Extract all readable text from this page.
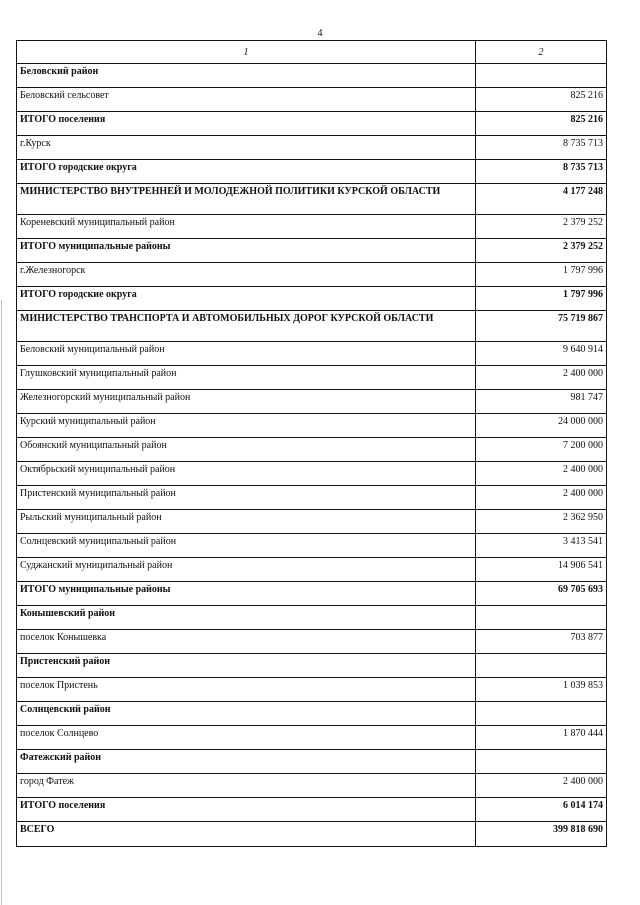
4
1	2
Беловский район	
Беловский сельсовет	825 216
ИТОГО поселения	825 216
г.Курск	8 735 713
ИТОГО городские округа	8 735 713
МИНИСТЕРСТВО ВНУТРЕННЕЙ И МОЛОДЕЖНОЙ ПОЛИТИКИ КУРСКОЙ ОБЛАСТИ	4 177 248
Кореневский муниципальный район	2 379 252
ИТОГО муниципальные районы	2 379 252
г.Железногорск	1 797 996
ИТОГО городские округа	1 797 996
МИНИСТЕРСТВО ТРАНСПОРТА И АВТОМОБИЛЬНЫХ ДОРОГ КУРСКОЙ ОБЛАСТИ	75 719 867
Беловский муниципальный район	9 640 914
Глушковский муниципальный район	2 400 000
Железногорский муниципальный район	981 747
Курский муниципальный район	24 000 000
Обоянский муниципальный район	7 200 000
Октябрьский муниципальный район	2 400 000
Пристенский муниципальный район	2 400 000
Рыльский муниципальный район	2 362 950
Солнцевский муниципальный район	3 413 541
Суджанский муниципальный район	14 906 541
ИТОГО муниципальные районы	69 705 693
Конышевский район	
поселок Конышевка	703 877
Пристенский район	
поселок Пристень	1 039 853
Солнцевский район	
поселок Солнцево	1 870 444
Фатежский район	
город Фатеж	2 400 000
ИТОГО поселения	6 014 174
ВСЕГО	399 818 690
